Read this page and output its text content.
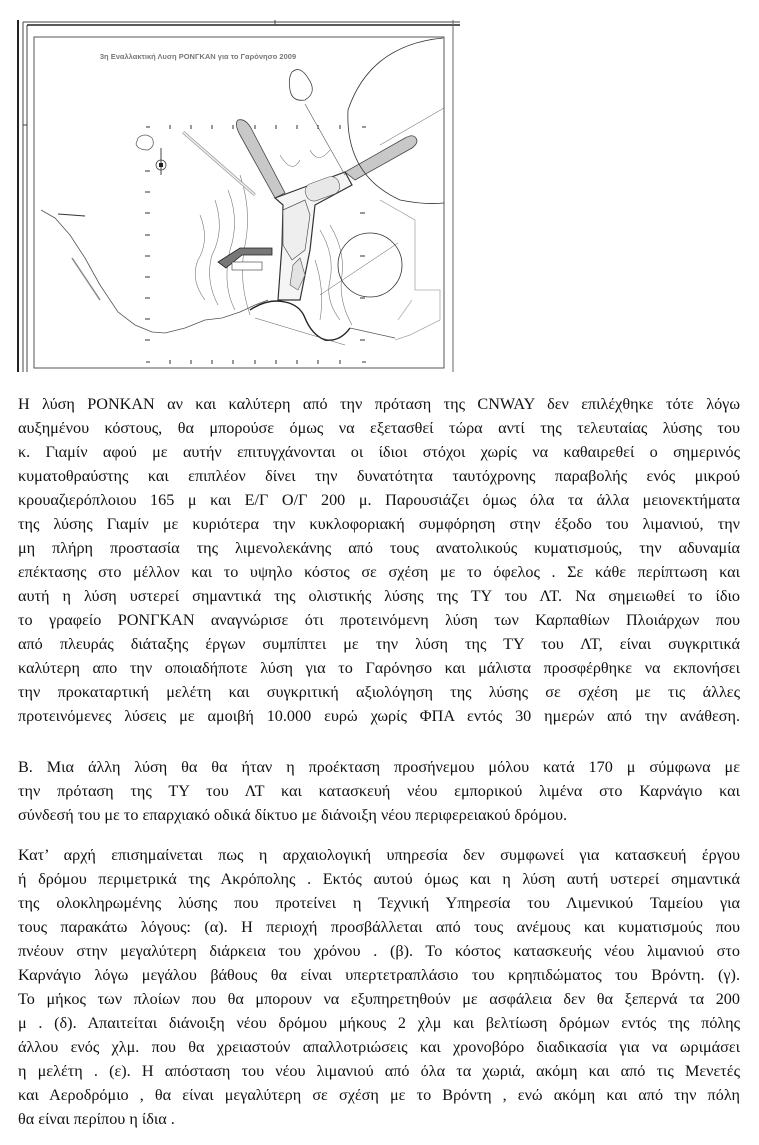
3η Εναλλακτική Λυση ΡΟΝΓΚΑΝ για το Γαρόνησο 2009
Η λύση ΡΟΝΚΑΝ αν και καλύτερη από την πρόταση της CNWAY δεν επιλέχθηκε τότε λόγω
αυξημένου κόστους, θα μπορούσε όμως να εξετασθεί τώρα αντί της τελευταίας λύσης του
κ. Γιαμίν αφού με αυτήν επιτυγχάνονται οι ίδιοι στόχοι χωρίς να καθαιρεθεί ο σημερινός
κυματοθραύστης και επιπλέον δίνει την δυνατότητα ταυτόχρονης παραβολής ενός μικρού
κρουαζιερόπλοιου 165 μ και Ε/Γ Ο/Γ 200 μ. Παρουσιάζει όμως όλα τα άλλα μειονεκτήματα
της λύσης Γιαμίν με κυριότερα την κυκλοφοριακή συμφόρηση στην έξοδο του λιμανιού, την
μη πλήρη προστασία της λιμενολεκάνης από τους ανατολικούς κυματισμούς, την αδυναμία
επέκτασης στο μέλλον και το υψηλο κόστος σε σχέση με το όφελος . Σε κάθε περίπτωση και
αυτή η λύση υστερεί σημαντικά της ολιστικής λύσης της ΤΥ του ΛΤ. Να σημειωθεί το ίδιο
το γραφείο ΡΟΝΓΚΑΝ αναγνώρισε ότι προτεινόμενη λύση των Καρπαθίων Πλοιάρχων που
από πλευράς διάταξης έργων συμπίπτει με την λύση της ΤΥ του ΛΤ, είναι συγκριτικά
καλύτερη απο την οποιαδήποτε λύση για το Γαρόνησο και μάλιστα προσφέρθηκε να εκπονήσει
την προκαταρτική μελέτη και συγκριτική αξιολόγηση της λύσης σε σχέση με τις άλλες
προτεινόμενες λύσεις με αμοιβή 10.000 ευρώ χωρίς ΦΠΑ εντός 30 ημερών από την ανάθεση.
Β. Μια άλλη λύση θα θα ήταν η προέκταση προσήνεμου μόλου κατά 170 μ σύμφωνα με
την πρόταση της ΤΥ του ΛΤ και κατασκευή νέου εμπορικού λιμένα στο Καρνάγιο και
σύνδεσή του με το επαρχιακό οδικά δίκτυο με διάνοιξη νέου περιφερειακού δρόμου.
Κατ’ αρχή επισημαίνεται πως η αρχαιολογική υπηρεσία δεν συμφωνεί για κατασκευή έργου
ή δρόμου περιμετρικά της Ακρόπολης . Εκτός αυτού όμως και η λύση αυτή υστερεί σημαντικά
της ολοκληρωμένης λύσης που προτείνει η Τεχνική Υπηρεσία του Λιμενικού Ταμείου για
τους παρακάτω λόγους: (α). Η περιοχή προσβάλλεται από τους ανέμους και κυματισμούς που
πνέουν στην μεγαλύτερη διάρκεια του χρόνου . (β). Το κόστος κατασκευής νέου λιμανιού στο
Καρνάγιο λόγω μεγάλου βάθους θα είναι υπερτετραπλάσιο του κρηπιδώματος του Βρόντη. (γ).
Το μήκος των πλοίων που θα μπορουν να εξυπηρετηθούν με ασφάλεια δεν θα ξεπερνά τα 200
μ . (δ). Απαιτείται διάνοιξη νέου δρόμου μήκους 2 χλμ και βελτίωση δρόμων εντός της πόλης
άλλου ενός χλμ. που θα χρειαστούν απαλλοτριώσεις και χρονοβόρο διαδικασία για να ωριμάσει
η μελέτη . (ε). Η απόσταση του νέου λιμανιού από όλα τα χωριά, ακόμη και από τις Μενετές
και Αεροδρόμιο , θα είναι μεγαλύτερη σε σχέση με το Βρόντη , ενώ ακόμη και από την πόλη
θα είναι περίπου η ίδια .
